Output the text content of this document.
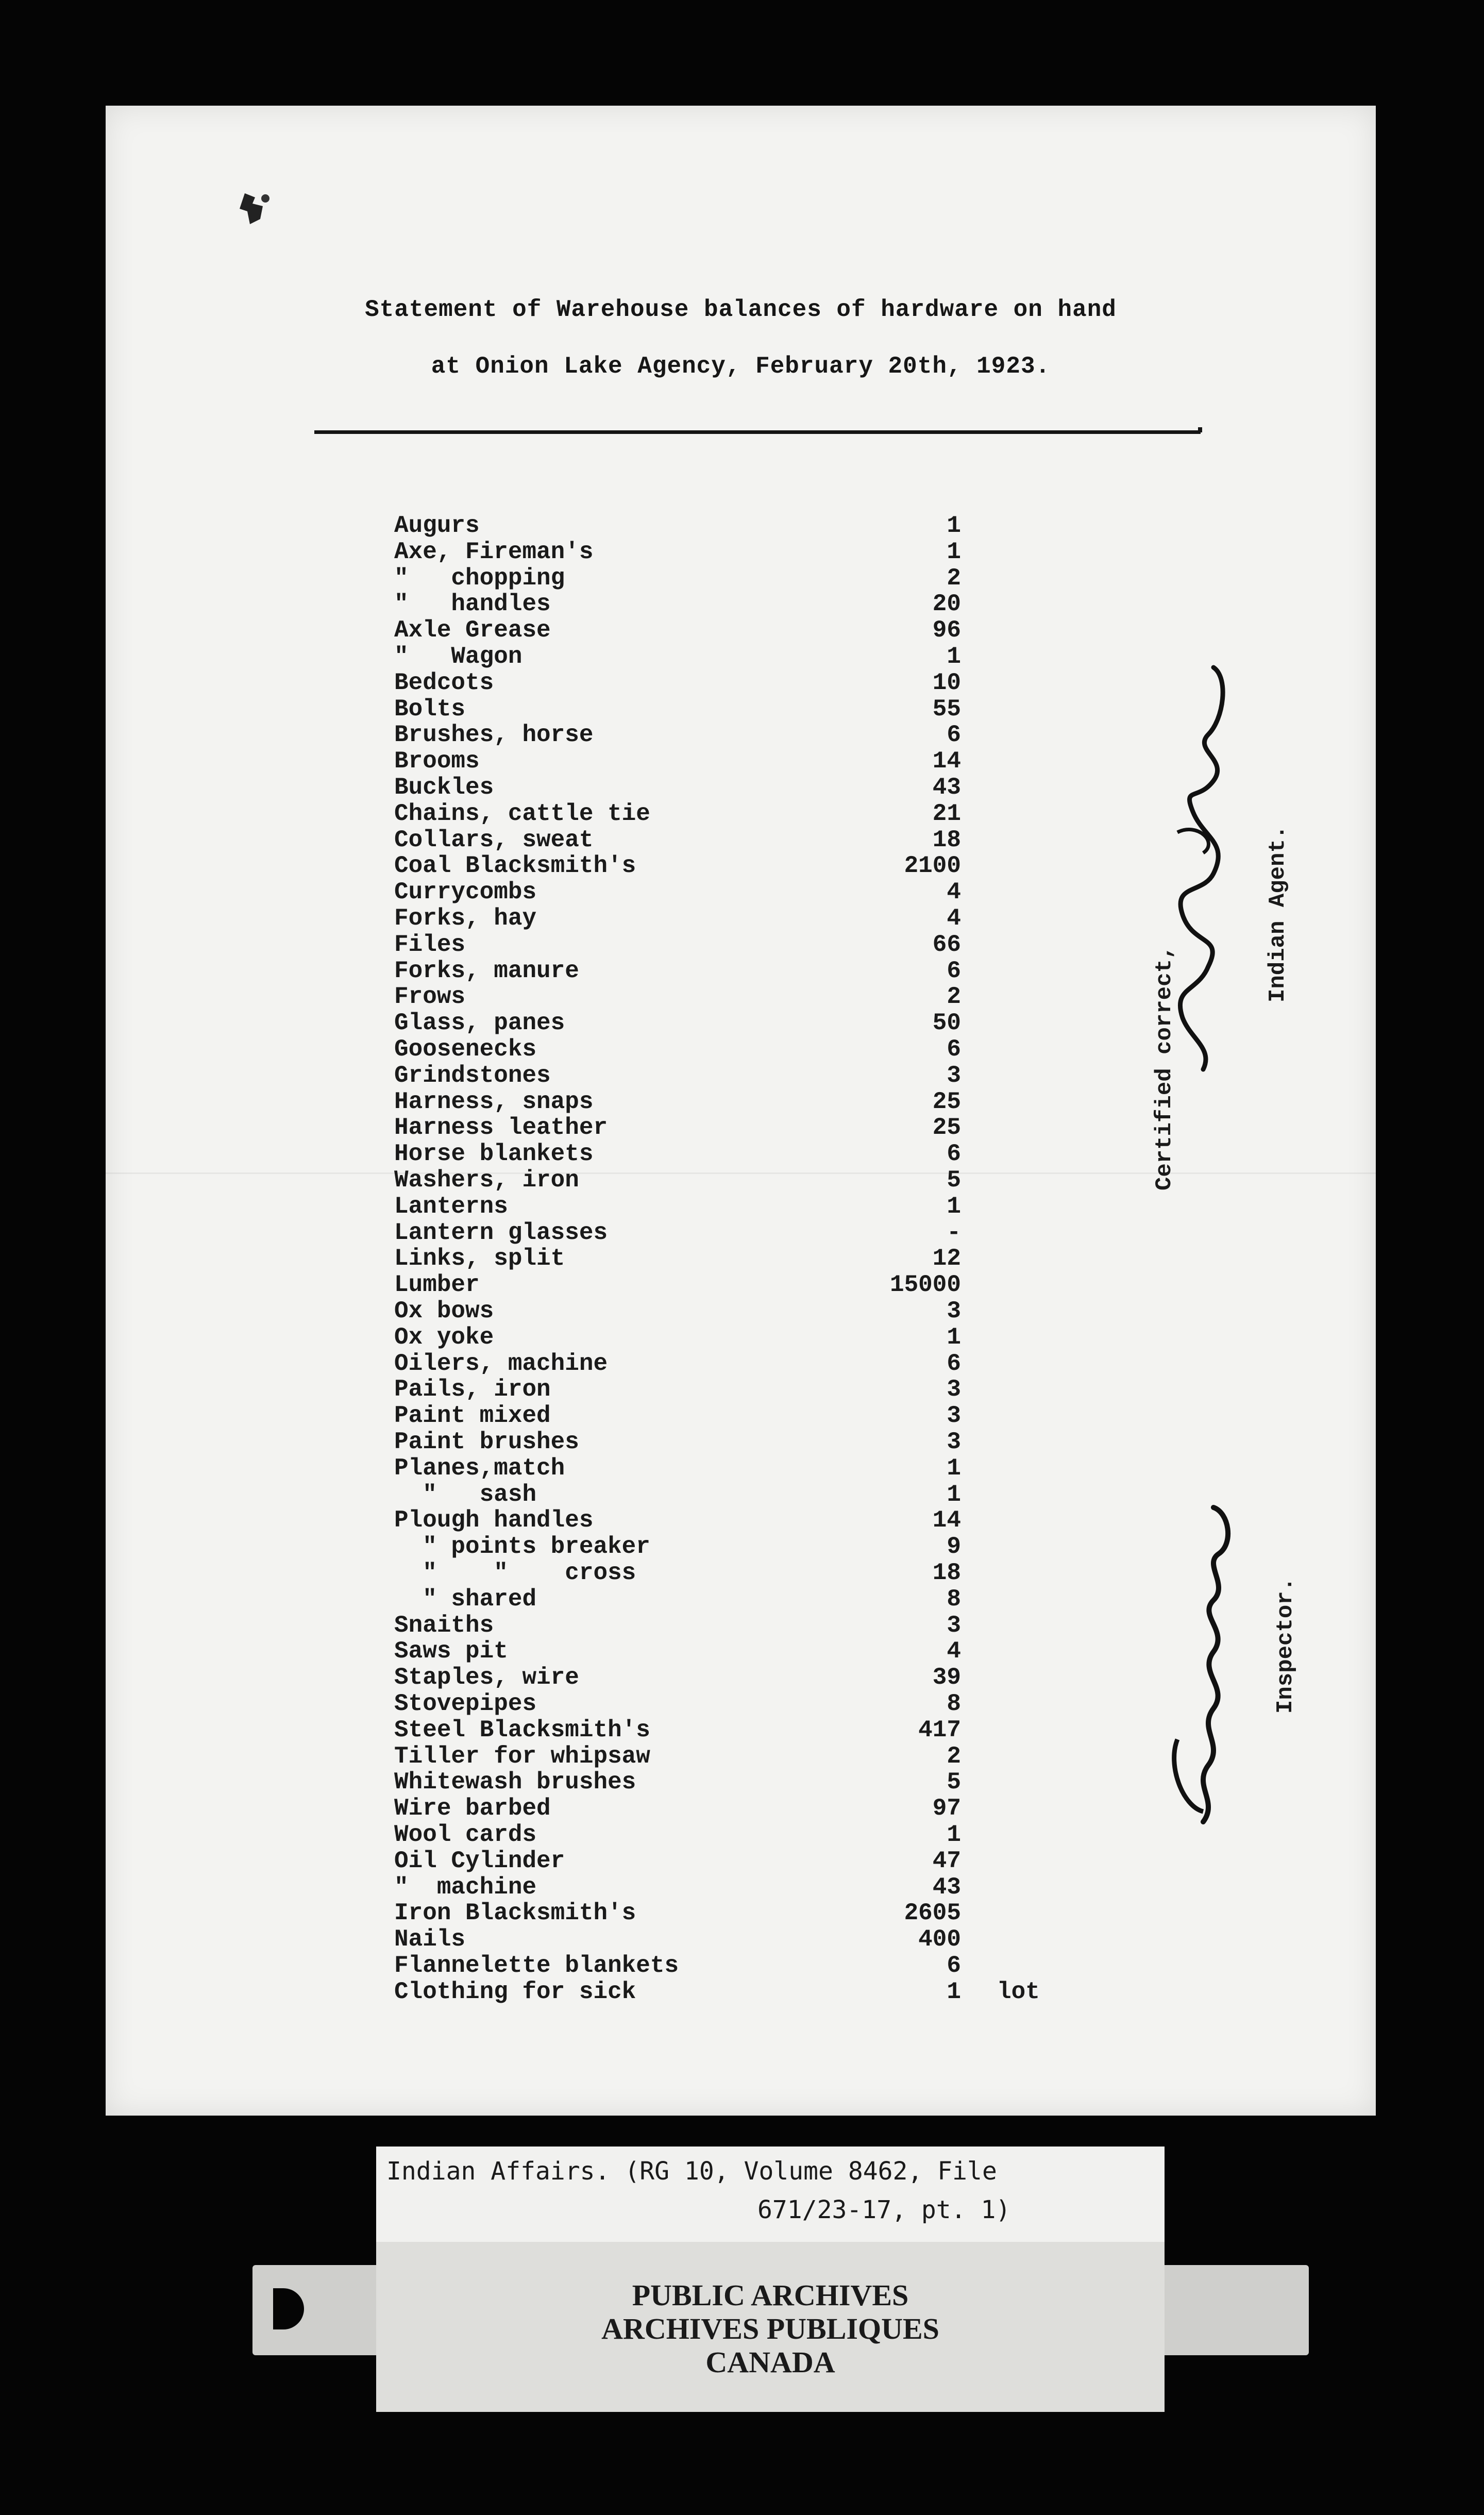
Statement of Warehouse balances of hardware on hand
at Onion Lake Agency, February 20th, 1923.
Augurs	1
Axe, Fireman's	1
"   chopping	2
"   handles	20
Axle Grease	96
"   Wagon	1
Bedcots	10
Bolts	55
Brushes, horse	6
Brooms	14
Buckles	43
Chains, cattle tie	21
Collars, sweat	18
Coal Blacksmith's	2100
Currycombs	4
Forks, hay	4
Files	66
Forks, manure	6
Frows	2
Glass, panes	50
Goosenecks	6
Grindstones	3
Harness, snaps	25
Harness leather	25
Horse blankets	6
Washers, iron	5
Lanterns	1
Lantern glasses	-
Links, split	12
Lumber	15000
Ox bows	3
Ox yoke	1
Oilers, machine	6
Pails, iron	3
Paint mixed	3
Paint brushes	3
Planes,match	1
"   sash	1
Plough handles	14
" points breaker	9
"    "    cross	18
" shared	8
Snaiths	3
Saws pit	4
Staples, wire	39
Stovepipes	8
Steel Blacksmith's	417
Tiller for whipsaw	2
Whitewash brushes	5
Wire barbed	97
Wool cards	1
Oil Cylinder	47
"  machine	43
Iron Blacksmith's	2605
Nails	400
Flannelette blankets	6
Clothing for sick	1 lot
Certified correct,
Indian Agent.
Inspector.
Indian Affairs. (RG 10, Volume 8462, File
671/23-17, pt. 1)
PUBLIC ARCHIVES
ARCHIVES PUBLIQUES
CANADA
